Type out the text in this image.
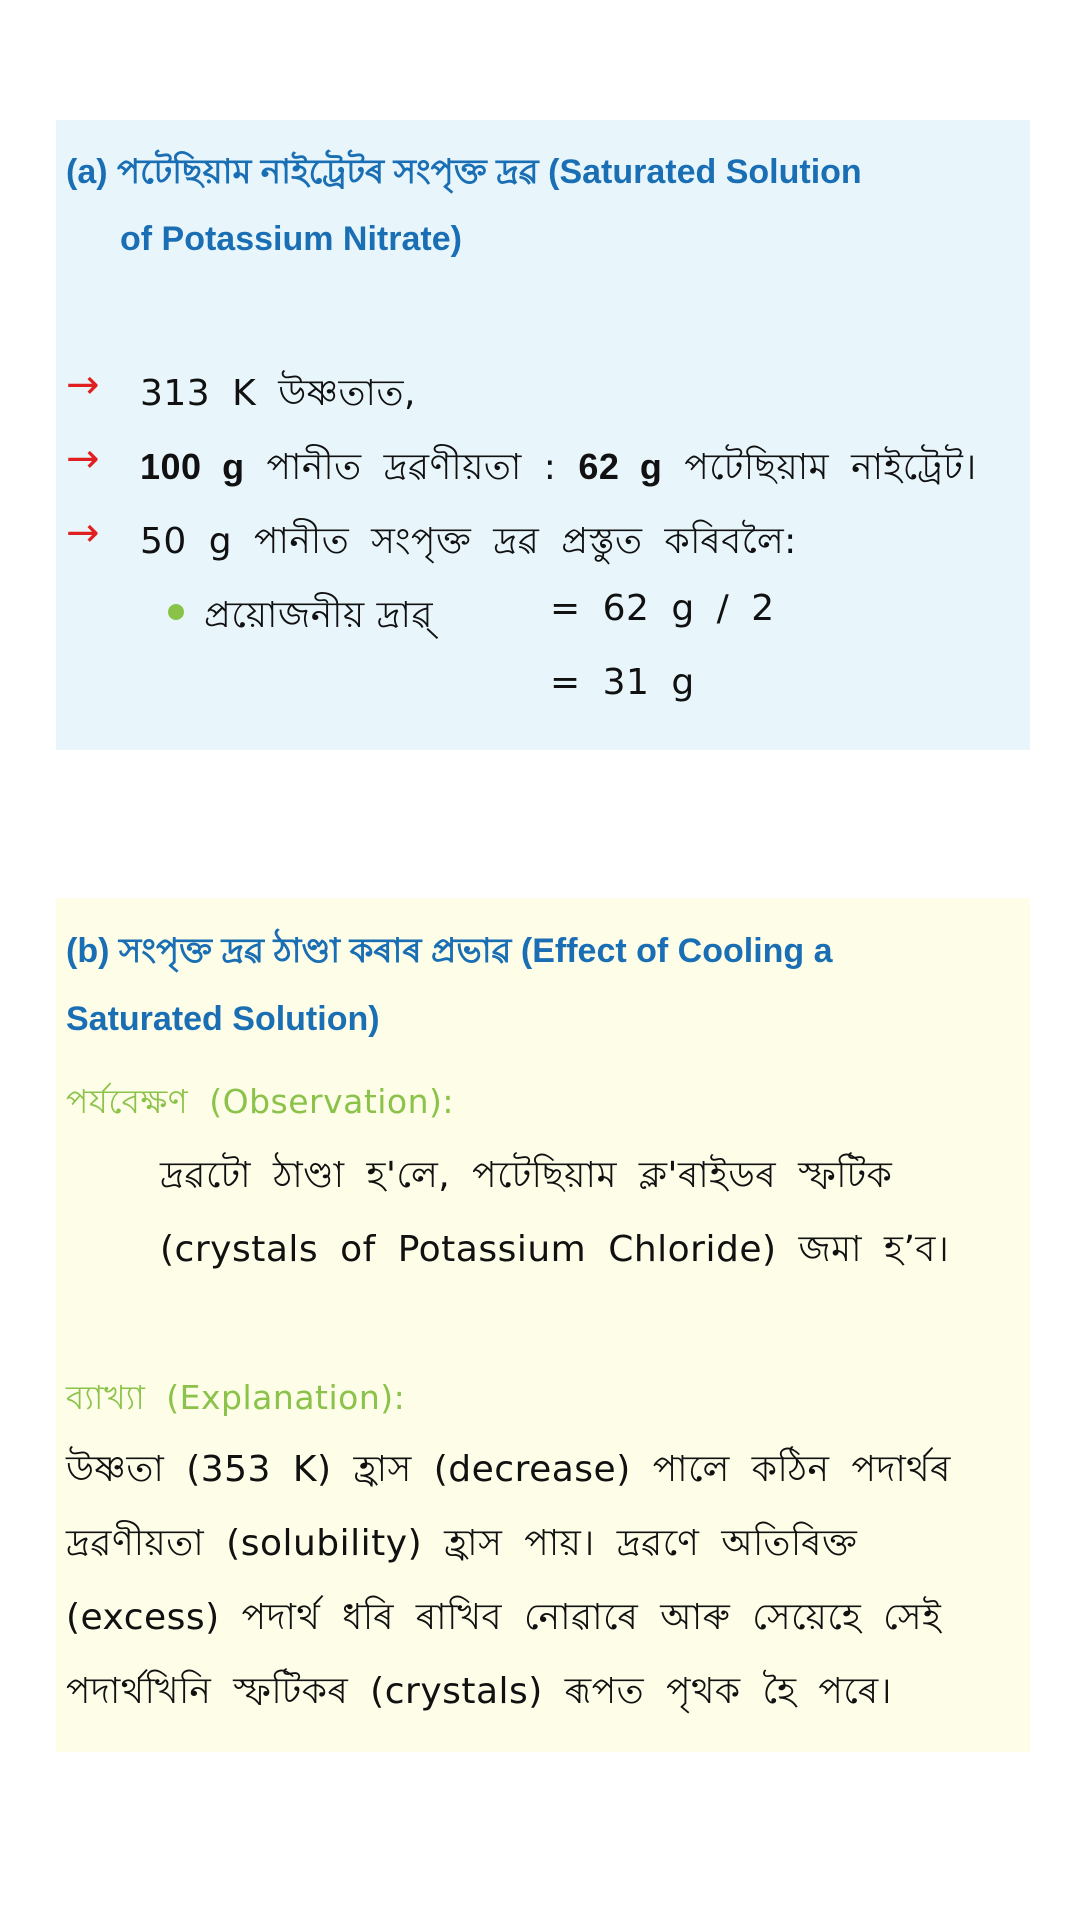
(a) পটেছিয়াম নাইট্ৰেটৰ সংপৃক্ত দ্ৰৱ (Saturated Solution
of Potassium Nitrate)
→ 313 K উষ্ণতাত,
→ 100 g পানীত দ্ৰৱণীয়তা : 62 g পটেছিয়াম নাইট্ৰেট।
→ 50 g পানীত সংপৃক্ত দ্ৰৱ প্ৰস্তুত কৰিবলৈ:
প্ৰয়োজনীয় দ্ৰাৱ্	= 62 g / 2
= 31 g
(b) সংপৃক্ত দ্ৰৱ ঠাণ্ডা কৰাৰ প্ৰভাৱ (Effect of Cooling a
Saturated Solution)
পৰ্যবেক্ষণ (Observation):
দ্ৰৱটো ঠাণ্ডা হ'লে, পটেছিয়াম ক্ল'ৰাইডৰ স্ফটিক
(crystals of Potassium Chloride) জমা হ’ব।
ব্যাখ্যা (Explanation):
উষ্ণতা (353 K) হ্ৰাস (decrease) পালে কঠিন পদাৰ্থৰ
দ্ৰৱণীয়তা (solubility) হ্ৰাস পায়। দ্ৰৱণে অতিৰিক্ত
(excess) পদাৰ্থ ধৰি ৰাখিব নোৱাৰে আৰু সেয়েহে সেই
পদাৰ্থখিনি স্ফটিকৰ (crystals) ৰূপত পৃথক হৈ পৰে।
